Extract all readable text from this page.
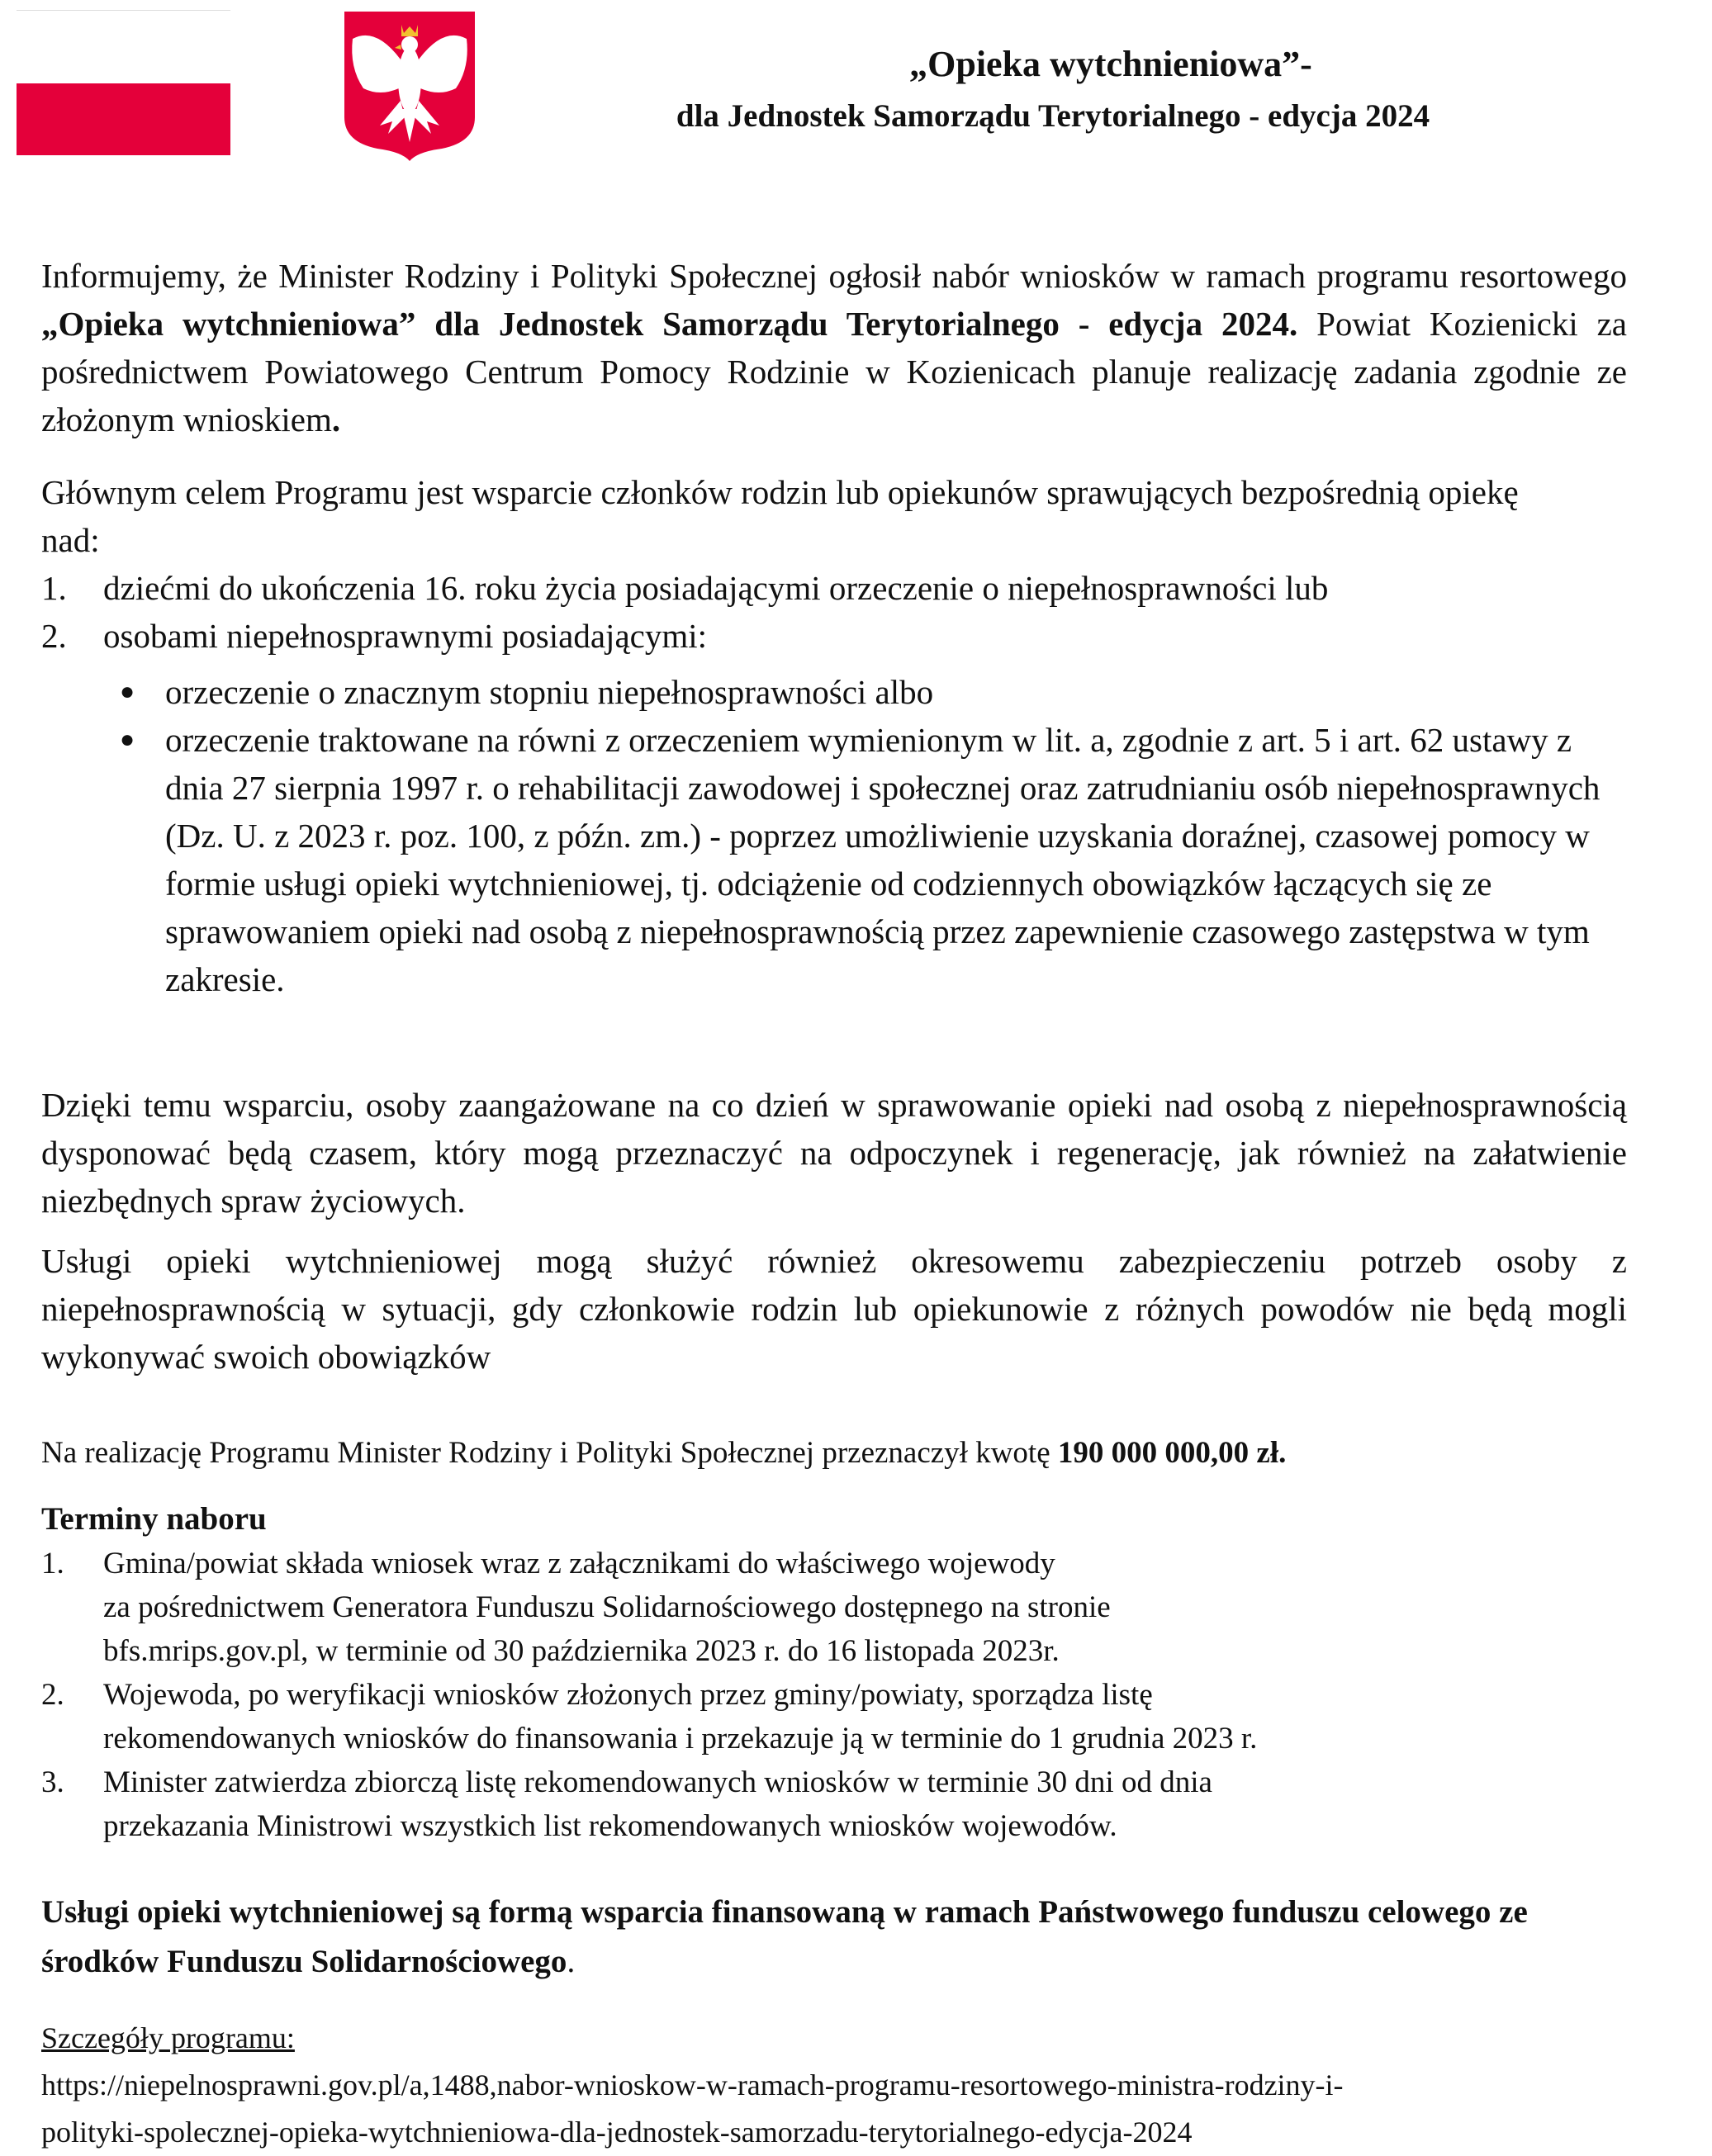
„Opieka wytchnieniowa”-
dla Jednostek Samorządu Terytorialnego - edycja 2024

Informujemy, że Minister Rodziny i Polityki Społecznej ogłosił nabór wniosków w ramach programu resortowego „Opieka wytchnieniowa” dla Jednostek Samorządu Terytorialnego - edycja 2024. Powiat Kozienicki za pośrednictwem Powiatowego Centrum Pomocy Rodzinie w Kozienicach planuje realizację zadania zgodnie ze złożonym wnioskiem.

Głównym celem Programu jest wsparcie członków rodzin lub opiekunów sprawujących bezpośrednią opiekę nad:

1.	dziećmi do ukończenia 16. roku życia posiadającymi orzeczenie o niepełnosprawności lub
2.	osobami niepełnosprawnymi posiadającymi:
● orzeczenie o znacznym stopniu niepełnosprawności albo
● orzeczenie traktowane na równi z orzeczeniem wymienionym w lit. a, zgodnie z art. 5 i art. 62 ustawy z dnia 27 sierpnia 1997 r. o rehabilitacji zawodowej i społecznej oraz zatrudnianiu osób niepełnosprawnych (Dz. U. z 2023 r. poz. 100, z późn. zm.) - poprzez umożliwienie uzyskania doraźnej, czasowej pomocy w formie usługi opieki wytchnieniowej, tj. odciążenie od codziennych obowiązków łączących się ze sprawowaniem opieki nad osobą z niepełnosprawnością przez zapewnienie czasowego zastępstwa w tym zakresie.

Dzięki temu wsparciu, osoby zaangażowane na co dzień w sprawowanie opieki nad osobą z niepełnosprawnością dysponować będą czasem, który mogą przeznaczyć na odpoczynek i regenerację, jak również na załatwienie niezbędnych spraw życiowych.

Usługi opieki wytchnieniowej mogą służyć również okresowemu zabezpieczeniu potrzeb osoby z niepełnosprawnością w sytuacji, gdy członkowie rodzin lub opiekunowie z różnych powodów nie będą mogli wykonywać swoich obowiązków

Na realizację Programu Minister Rodziny i Polityki Społecznej przeznaczył kwotę 190 000 000,00 zł.

Terminy naboru

1.	Gmina/powiat składa wniosek wraz z załącznikami do właściwego wojewody
za pośrednictwem Generatora Funduszu Solidarnościowego dostępnego na stronie
bfs.mrips.gov.pl, w terminie od 30 października 2023 r. do 16 listopada 2023r.
2.	Wojewoda, po weryfikacji wniosków złożonych przez gminy/powiaty, sporządza listę
rekomendowanych wniosków do finansowania i przekazuje ją w terminie do 1 grudnia 2023 r.
3.	Minister zatwierdza zbiorczą listę rekomendowanych wniosków w terminie 30 dni od dnia
przekazania Ministrowi wszystkich list rekomendowanych wniosków wojewodów.
Usługi opieki wytchnieniowej są formą wsparcia finansowaną w ramach Państwowego funduszu celowego ze środków Funduszu Solidarnościowego.
Szczegóły programu:
https://niepelnosprawni.gov.pl/a,1488,nabor-wnioskow-w-ramach-programu-resortowego-ministra-rodziny-i-
polityki-spolecznej-opieka-wytchnieniowa-dla-jednostek-samorzadu-terytorialnego-edycja-2024
